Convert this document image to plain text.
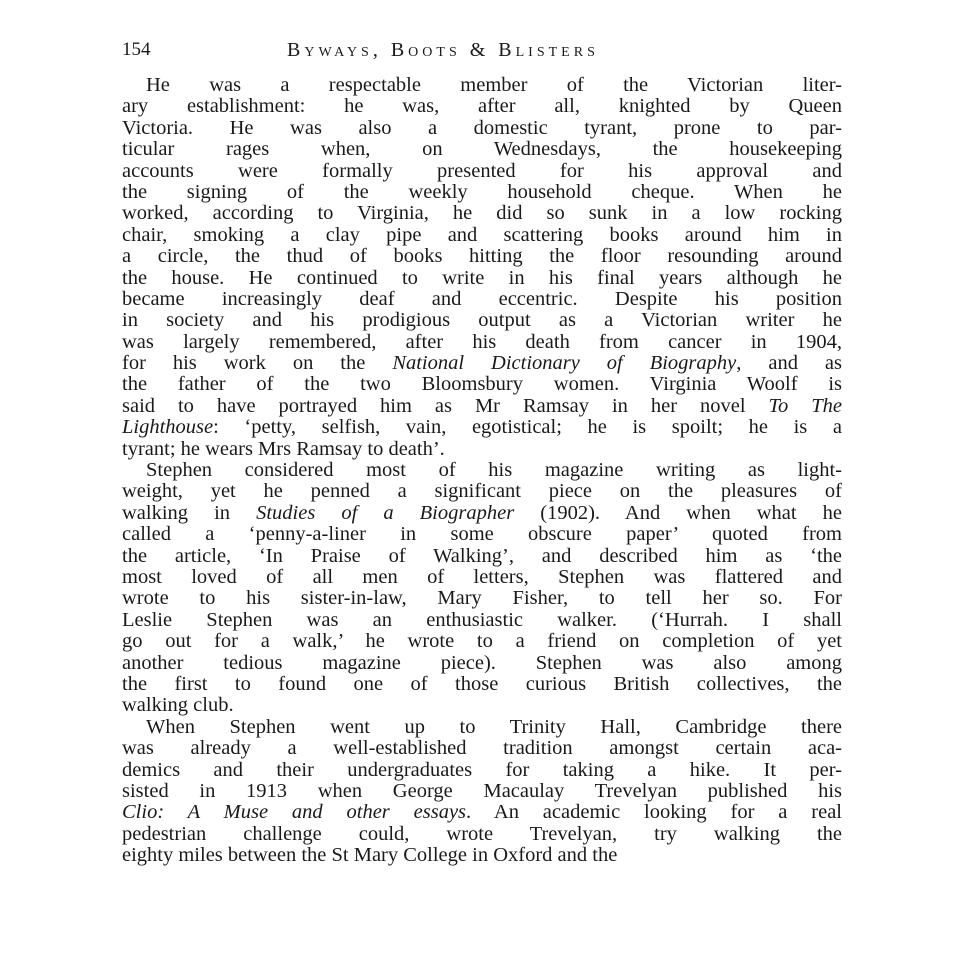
154	Byways, Boots & Blisters
He was a respectable member of the Victorian liter-
ary establishment: he was, after all, knighted by Queen
Victoria. He was also a domestic tyrant, prone to par-
ticular rages when, on Wednesdays, the housekeeping
accounts were formally presented for his approval and
the signing of the weekly household cheque. When he
worked, according to Virginia, he did so sunk in a low rocking
chair, smoking a clay pipe and scattering books around him in
a circle, the thud of books hitting the floor resounding around
the house. He continued to write in his final years although he
became increasingly deaf and eccentric. Despite his position
in society and his prodigious output as a Victorian writer he
was largely remembered, after his death from cancer in 1904,
for his work on the National Dictionary of Biography, and as
the father of the two Bloomsbury women. Virginia Woolf is
said to have portrayed him as Mr Ramsay in her novel To The
Lighthouse: ‘petty, selfish, vain, egotistical; he is spoilt; he is a
tyrant; he wears Mrs Ramsay to death’.
Stephen considered most of his magazine writing as light-
weight, yet he penned a significant piece on the pleasures of
walking in Studies of a Biographer (1902). And when what he
called a ‘penny-a-liner in some obscure paper’ quoted from
the article, ‘In Praise of Walking’, and described him as ‘the
most loved of all men of letters, Stephen was flattered and
wrote to his sister-in-law, Mary Fisher, to tell her so. For
Leslie Stephen was an enthusiastic walker. (‘Hurrah. I shall
go out for a walk,’ he wrote to a friend on completion of yet
another tedious magazine piece). Stephen was also among
the first to found one of those curious British collectives, the
walking club.
When Stephen went up to Trinity Hall, Cambridge there
was already a well-established tradition amongst certain aca-
demics and their undergraduates for taking a hike. It per-
sisted in 1913 when George Macaulay Trevelyan published his
Clio: A Muse and other essays. An academic looking for a real
pedestrian challenge could, wrote Trevelyan, try walking the
eighty miles between the St Mary College in Oxford and the
